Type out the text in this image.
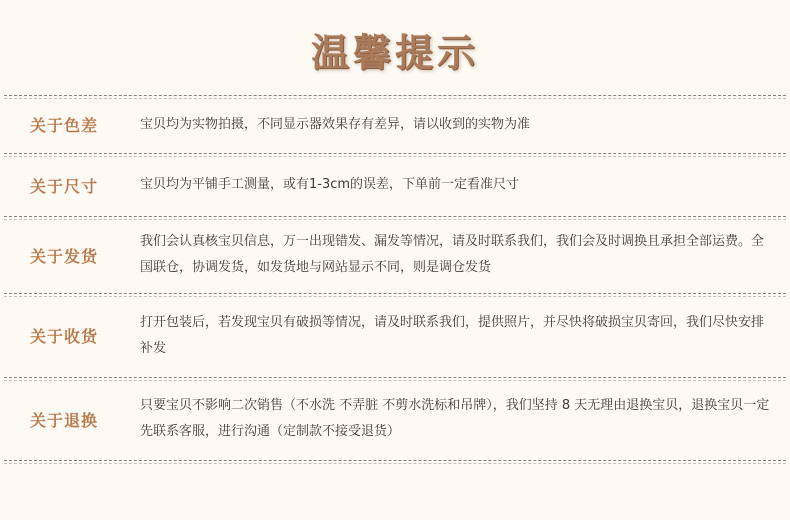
温馨提示
关于色差	宝贝均为实物拍摄，不同显示器效果存有差异，请以收到的实物为准
关于尺寸	宝贝均为平铺手工测量，或有1-3cm的误差，下单前一定看准尺寸
关于发货
我们会认真核宝贝信息，万一出现错发、漏发等情况，请及时联系我们，我们会及时调换且承担全部运费。全国联仓，协调发货，如发货地与网站显示不同，则是调仓发货
关于收货
打开包装后，若发现宝贝有破损等情况，请及时联系我们，提供照片，并尽快将破损宝贝寄回，我们尽快安排补发
关于退换
只要宝贝不影响二次销售（不水洗 不弄脏 不剪水洗标和吊牌），我们坚持 8 天无理由退换宝贝，退换宝贝一定先联系客服，进行沟通（定制款不接受退货）
